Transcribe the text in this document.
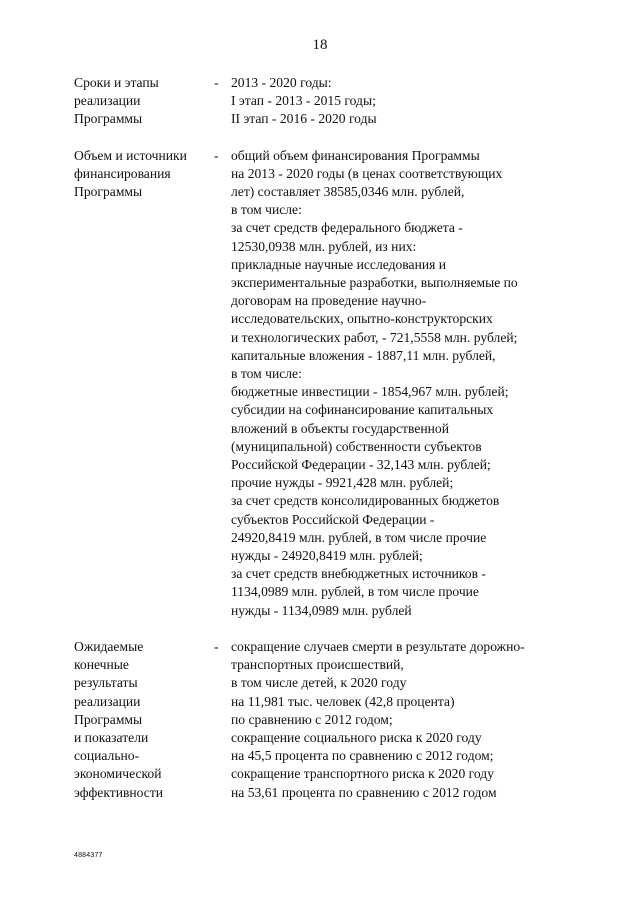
18
Сроки и этапы
реализации
Программы
- 2013 - 2020 годы:
I этап - 2013 - 2015 годы;
II этап - 2016 - 2020 годы
Объем и источники
финансирования
Программы
- общий объем финансирования Программы
на 2013 - 2020 годы (в ценах соответствующих
лет) составляет 38585,0346 млн. рублей,
в том числе:
за счет средств федерального бюджета -
12530,0938 млн. рублей, из них:
прикладные научные исследования и
экспериментальные разработки, выполняемые по
договорам на проведение научно-
исследовательских, опытно-конструкторских
и технологических работ, - 721,5558 млн. рублей;
капитальные вложения - 1887,11 млн. рублей,
в том числе:
бюджетные инвестиции - 1854,967 млн. рублей;
субсидии на софинансирование капитальных
вложений в объекты государственной
(муниципальной) собственности субъектов
Российской Федерации - 32,143 млн. рублей;
прочие нужды - 9921,428 млн. рублей;
за счет средств консолидированных бюджетов
субъектов Российской Федерации -
24920,8419 млн. рублей, в том числе прочие
нужды - 24920,8419 млн. рублей;
за счет средств внебюджетных источников -
1134,0989 млн. рублей, в том числе прочие
нужды - 1134,0989 млн. рублей
Ожидаемые
конечные
результаты
реализации
Программы
и показатели
социально-
экономической
эффективности
- сокращение случаев смерти в результате дорожно-
транспортных происшествий,
в том числе детей, к 2020 году
на 11,981 тыс. человек (42,8 процента)
по сравнению с 2012 годом;
сокращение социального риска к 2020 году
на 45,5 процента по сравнению с 2012 годом;
сокращение транспортного риска к 2020 году
на 53,61 процента по сравнению с 2012 годом
4884377
